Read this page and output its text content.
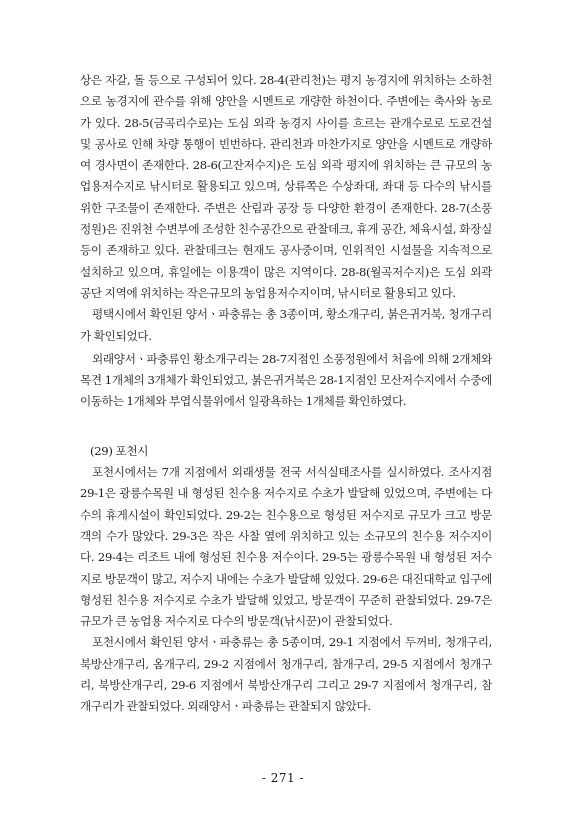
상은 자갈, 돌 등으로 구성되어 있다. 28-4(관리천)는 평지 농경지에 위치하는 소하천으로 농경지에 관수를 위해 양안을 시멘트로 개량한 하천이다. 주변에는 축사와 농로가 있다. 28-5(금곡리수로)는 도심 외곽 농경지 사이를 흐르는 관개수로로 도로건설 및 공사로 인해 차량 통행이 빈번하다. 관리천과 마찬가지로 양안을 시멘트로 개량하여 경사면이 존재한다. 28-6(고잔저수지)은 도심 외곽 평지에 위치하는 큰 규모의 농업용저수지로 낚시터로 활용되고 있으며, 상류쪽은 수상좌대, 좌대 등 다수의 낚시를 위한 구조물이 존재한다. 주변은 산림과 공장 등 다양한 환경이 존재한다. 28-7(소풍정원)은 진위천 수변부에 조성한 친수공간으로 관찰데크, 휴게 공간, 체육시설, 화장실 등이 존재하고 있다. 관찰데크는 현재도 공사중이며, 인위적인 시설물을 지속적으로 설치하고 있으며, 휴일에는 이용객이 많은 지역이다. 28-8(월곡저수지)은 도심 외곽 공단 지역에 위치하는 작은규모의 농업용저수지이며, 낚시터로 활용되고 있다.

평택시에서 확인된 양서ㆍ파충류는 총 3종이며, 황소개구리, 붉은귀거북, 청개구리가 확인되었다.

외래양서ㆍ파충류인 황소개구리는 28-7지점인 소풍정원에서 처음에 의해 2개체와 목견 1개체의 3개체가 확인되었고, 붉은귀거북은 28-1지점인 모산저수지에서 수중에 이동하는 1개체와 부엽식물위에서 일광욕하는 1개체를 확인하였다.

(29) 포천시

포천시에서는 7개 지점에서 외래생물 전국 서식실태조사를 실시하였다. 조사지점 29-1은 광릉수목원 내 형성된 친수용 저수지로 수초가 발달해 있었으며, 주변에는 다수의 휴게시설이 확인되었다. 29-2는 친수용으로 형성된 저수지로 규모가 크고 방문객의 수가 많았다. 29-3은 작은 사찰 옆에 위치하고 있는 소규모의 친수용 저수지이다. 29-4는 리조트 내에 형성된 친수용 저수이다. 29-5는 광릉수목원 내 형성된 저수지로 방문객이 많고, 저수지 내에는 수초가 발달해 있었다. 29-6은 대진대학교 입구에 형성된 친수용 저수지로 수초가 발달해 있었고, 방문객이 꾸준히 관찰되었다. 29-7은 규모가 큰 농업용 저수지로 다수의 방문객(낚시꾼)이 관찰되었다.

포천시에서 확인된 양서ㆍ파충류는 총 5종이며, 29-1 지점에서 두꺼비, 청개구리, 북방산개구리, 옴개구리, 29-2 지점에서 청개구리, 참개구리, 29-5 지점에서 청개구리, 북방산개구리, 29-6 지점에서 북방산개구리 그리고 29-7 지점에서 청개구리, 참개구리가 관찰되었다. 외래양서ㆍ파충류는 관찰되지 않았다.

- 271 -
